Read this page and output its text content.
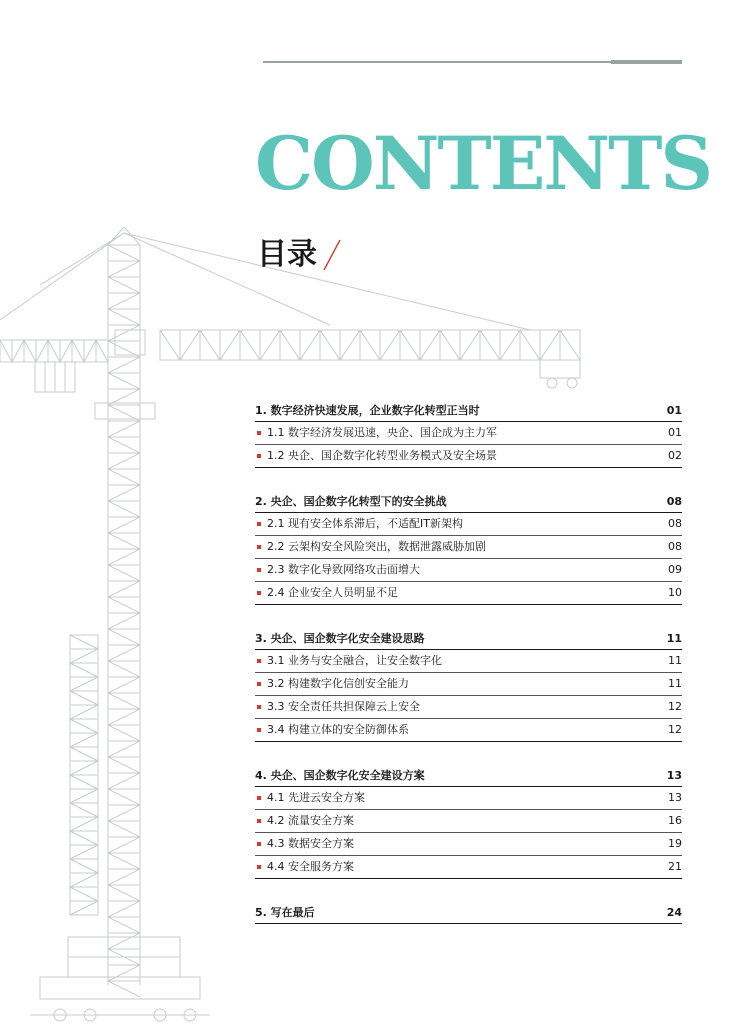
CONTENTS
目录
1. 数字经济快速发展，企业数字化转型正当时	01
1.1 数字经济发展迅速，央企、国企成为主力军	01
1.2 央企、国企数字化转型业务模式及安全场景	02
2. 央企、国企数字化转型下的安全挑战	08
2.1 现有安全体系滞后，不适配IT新架构	08
2.2 云架构安全风险突出，数据泄露威胁加剧	08
2.3 数字化导致网络攻击面增大	09
2.4 企业安全人员明显不足	10
3. 央企、国企数字化安全建设思路	11
3.1 业务与安全融合，让安全数字化	11
3.2 构建数字化信创安全能力	11
3.3 安全责任共担保障云上安全	12
3.4 构建立体的安全防御体系	12
4. 央企、国企数字化安全建设方案	13
4.1 先进云安全方案	13
4.2 流量安全方案	16
4.3 数据安全方案	19
4.4 安全服务方案	21
5. 写在最后	24
